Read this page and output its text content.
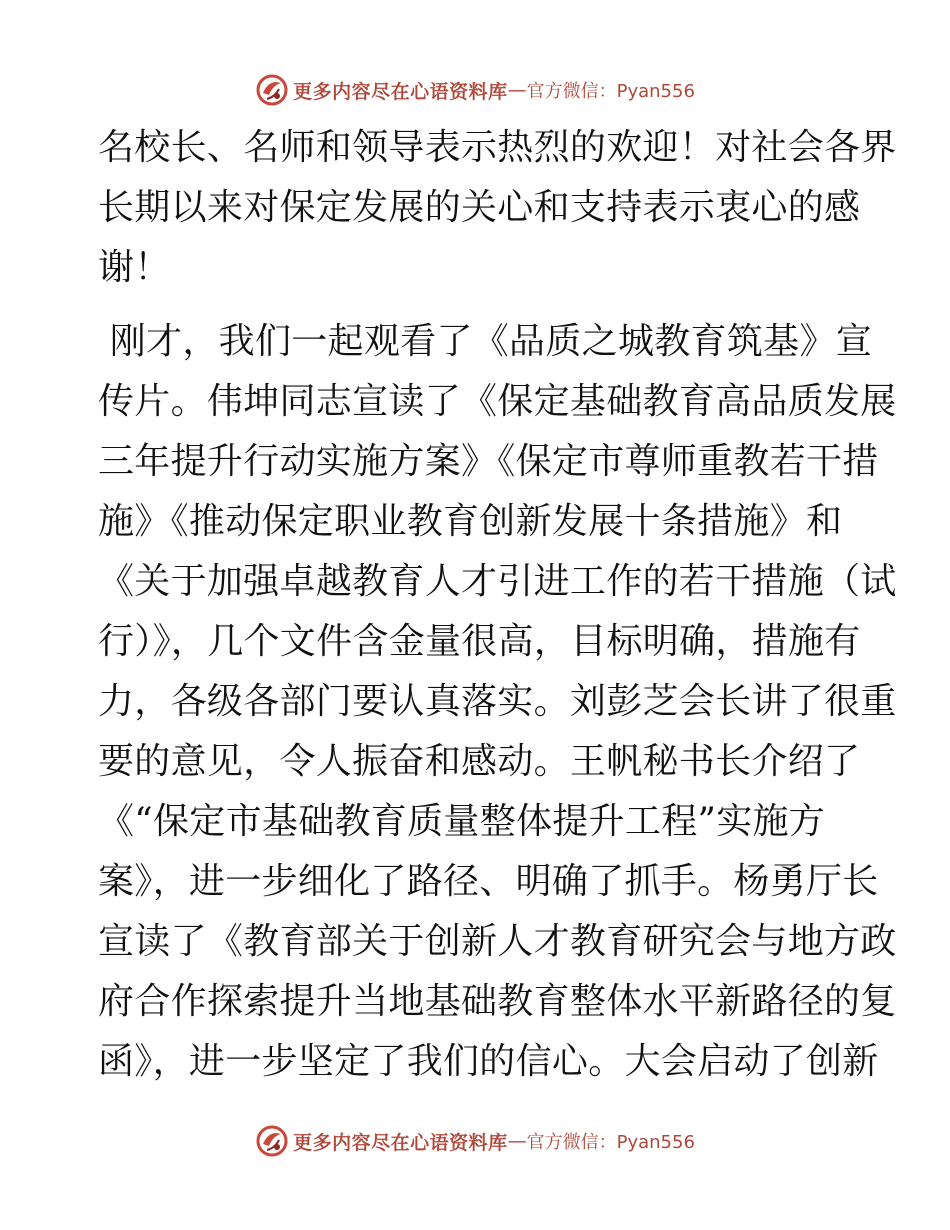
更多内容尽在心语资料库 — 官方微信：Pyan556
名校长、名师和领导表示热烈的欢迎！对社会各界
长期以来对保定发展的关心和支持表示衷心的感
谢！
刚才，我们一起观看了《品质之城教育筑基》宣
传片。伟坤同志宣读了《保定基础教育高品质发展
三年提升行动实施方案》《保定市尊师重教若干措
施》《推动保定职业教育创新发展十条措施》和
《关于加强卓越教育人才引进工作的若干措施（试
行）》，几个文件含金量很高，目标明确，措施有
力，各级各部门要认真落实。刘彭芝会长讲了很重
要的意见，令人振奋和感动。王帆秘书长介绍了
《“保定市基础教育质量整体提升工程”实施方
案》，进一步细化了路径、明确了抓手。杨勇厅长
宣读了《教育部关于创新人才教育研究会与地方政
府合作探索提升当地基础教育整体水平新路径的复
函》，进一步坚定了我们的信心。大会启动了创新
更多内容尽在心语资料库 — 官方微信：Pyan556
